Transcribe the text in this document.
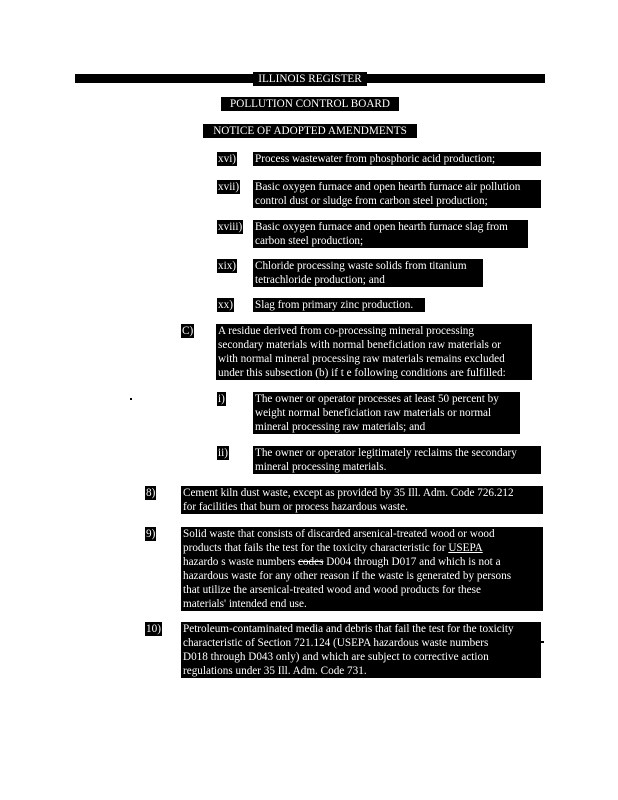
ILLINOIS REGISTER
POLLUTION CONTROL BOARD
NOTICE OF ADOPTED AMENDMENTS
xvi) Process wastewater from phosphoric acid production;
xvii) Basic oxygen furnace and open hearth furnace air pollution
control dust or sludge from carbon steel production;
xviii) Basic oxygen furnace and open hearth furnace slag from
carbon steel production;
xix) Chloride processing waste solids from titanium
tetrachloride production; and
xx) Slag from primary zinc production.
C) A residue derived from co-processing mineral processing
secondary materials with normal beneficiation raw materials or
with normal mineral processing raw materials remains excluded
under this subsection (b) if t e following conditions are fulfilled:
i)	The owner or operator processes at least 50 percent by
weight normal beneficiation raw materials or normal
mineral processing raw materials; and
ii) The owner or operator legitimately reclaims the secondary
mineral processing materials.
8) Cement kiln dust waste, except as provided by 35 Ill. Adm. Code 726.212
for facilities that burn or process hazardous waste.
9) Solid waste that consists of discarded arsenical-treated wood or wood
products that fails the test for the toxicity characteristic for USEPA
hazardo s waste numbers codes D004 through D017 and which is not a
hazardous waste for any other reason if the waste is generated by persons
that utilize the arsenical-treated wood and wood products for these
materials' intended end use.
10) Petroleum-contaminated media and debris that fail the test for the toxicity
characteristic of Section 721.124 (USEPA hazardous waste numbers
D018 through D043 only) and which are subject to corrective action
regulations under 35 Ill. Adm. Code 731.
